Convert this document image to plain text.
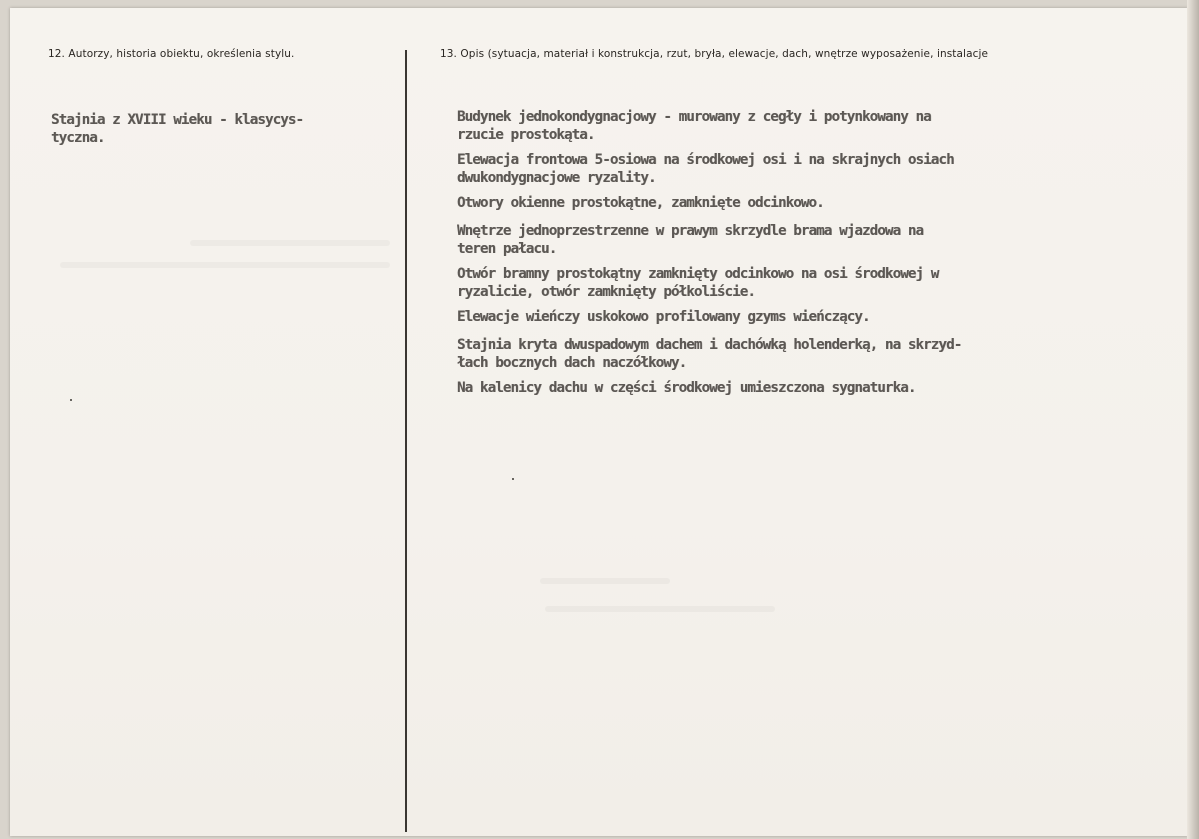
12. Autorzy, historia obiektu, określenia stylu.	13. Opis (sytuacja, materiał i konstrukcja, rzut, bryła, elewacje, dach, wnętrze wyposażenie, instalacje
Stajnia z XVIII wieku - klasycys-
tyczna.
Budynek jednokondygnacjowy - murowany z cegły i potynkowany na
rzucie prostokąta.
Elewacja frontowa 5-osiowa na środkowej osi i na skrajnych osiach
dwukondygnacjowe ryzality.
Otwory okienne prostokątne, zamknięte odcinkowo.
Wnętrze jednoprzestrzenne w prawym skrzydle brama wjazdowa na
teren pałacu.
Otwór bramny prostokątny zamknięty odcinkowo na osi środkowej w
ryzalicie, otwór zamknięty półkoliście.
Elewacje wieńczy uskokowo profilowany gzyms wieńczący.
Stajnia kryta dwuspadowym dachem i dachówką holenderką, na skrzyd-
łach bocznych dach naczółkowy.
Na kalenicy dachu w części środkowej umieszczona sygnaturka.
